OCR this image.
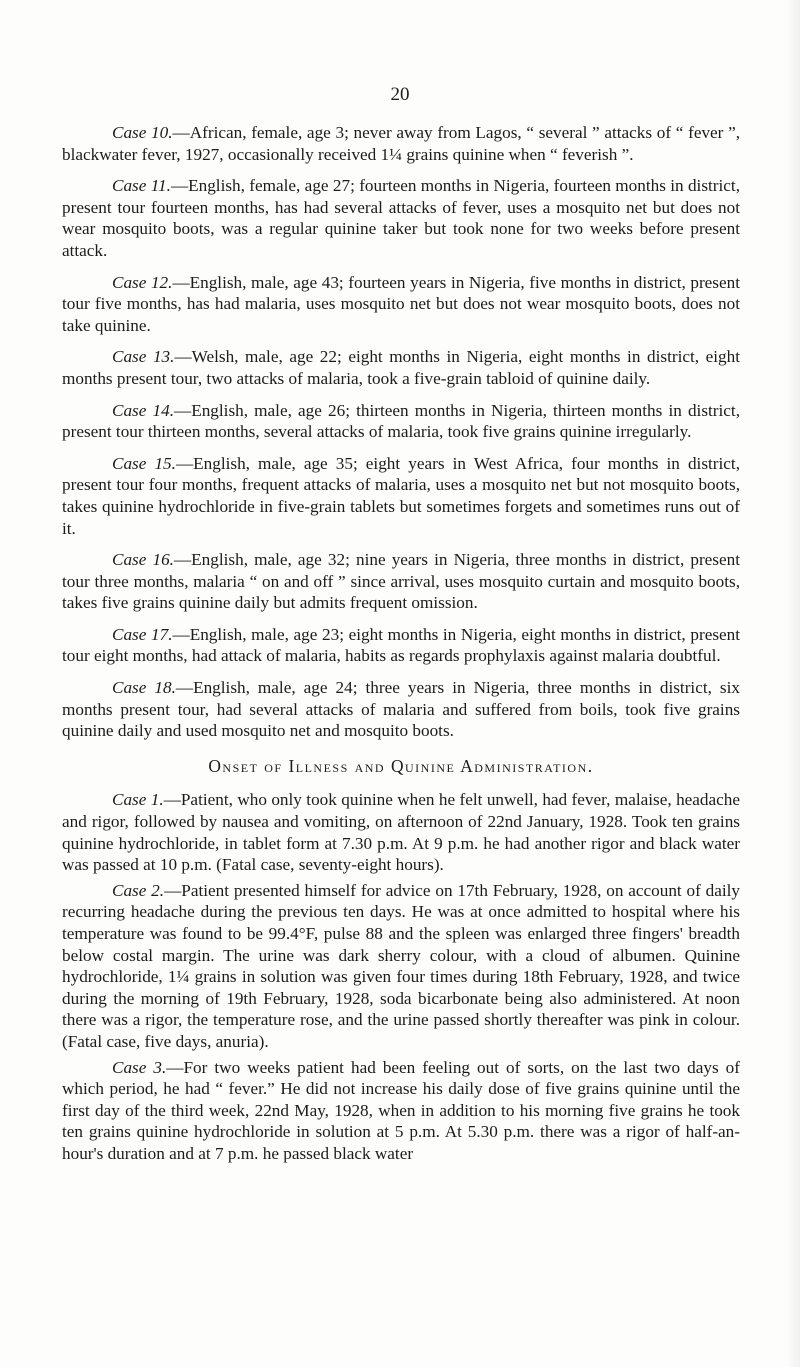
20

Case 10.—African, female, age 3; never away from Lagos, “ several ” attacks of “ fever ”, blackwater fever, 1927, occasionally received 1¼ grains quinine when “ feverish ”.

Case 11.—English, female, age 27; fourteen months in Nigeria, fourteen months in district, present tour fourteen months, has had several attacks of fever, uses a mosquito net but does not wear mosquito boots, was a regular quinine taker but took none for two weeks before present attack.

Case 12.—English, male, age 43; fourteen years in Nigeria, five months in district, present tour five months, has had malaria, uses mosquito net but does not wear mosquito boots, does not take quinine.

Case 13.—Welsh, male, age 22; eight months in Nigeria, eight months in district, eight months present tour, two attacks of malaria, took a five-grain tabloid of quinine daily.

Case 14.—English, male, age 26; thirteen months in Nigeria, thirteen months in district, present tour thirteen months, several attacks of malaria, took five grains quinine irregularly.

Case 15.—English, male, age 35; eight years in West Africa, four months in district, present tour four months, frequent attacks of malaria, uses a mosquito net but not mosquito boots, takes quinine hydrochloride in five-grain tablets but sometimes forgets and sometimes runs out of it.

Case 16.—English, male, age 32; nine years in Nigeria, three months in district, present tour three months, malaria “ on and off ” since arrival, uses mosquito curtain and mosquito boots, takes five grains quinine daily but admits frequent omission.

Case 17.—English, male, age 23; eight months in Nigeria, eight months in district, present tour eight months, had attack of malaria, habits as regards prophylaxis against malaria doubtful.

Case 18.—English, male, age 24; three years in Nigeria, three months in district, six months present tour, had several attacks of malaria and suffered from boils, took five grains quinine daily and used mosquito net and mosquito boots.

Onset of Illness and Quinine Administration.

Case 1.—Patient, who only took quinine when he felt unwell, had fever, malaise, headache and rigor, followed by nausea and vomiting, on afternoon of 22nd January, 1928. Took ten grains quinine hydrochloride, in tablet form at 7.30 p.m. At 9 p.m. he had another rigor and black water was passed at 10 p.m. (Fatal case, seventy-eight hours).

Case 2.—Patient presented himself for advice on 17th February, 1928, on account of daily recurring headache during the previous ten days. He was at once admitted to hospital where his temperature was found to be 99.4°F, pulse 88 and the spleen was enlarged three fingers' breadth below costal margin. The urine was dark sherry colour, with a cloud of albumen. Quinine hydrochloride, 1¼ grains in solution was given four times during 18th February, 1928, and twice during the morning of 19th February, 1928, soda bicarbonate being also administered. At noon there was a rigor, the temperature rose, and the urine passed shortly thereafter was pink in colour. (Fatal case, five days, anuria).

Case 3.—For two weeks patient had been feeling out of sorts, on the last two days of which period, he had “ fever.” He did not increase his daily dose of five grains quinine until the first day of the third week, 22nd May, 1928, when in addition to his morning five grains he took ten grains quinine hydrochloride in solution at 5 p.m. At 5.30 p.m. there was a rigor of half-an-hour's duration and at 7 p.m. he passed black water
